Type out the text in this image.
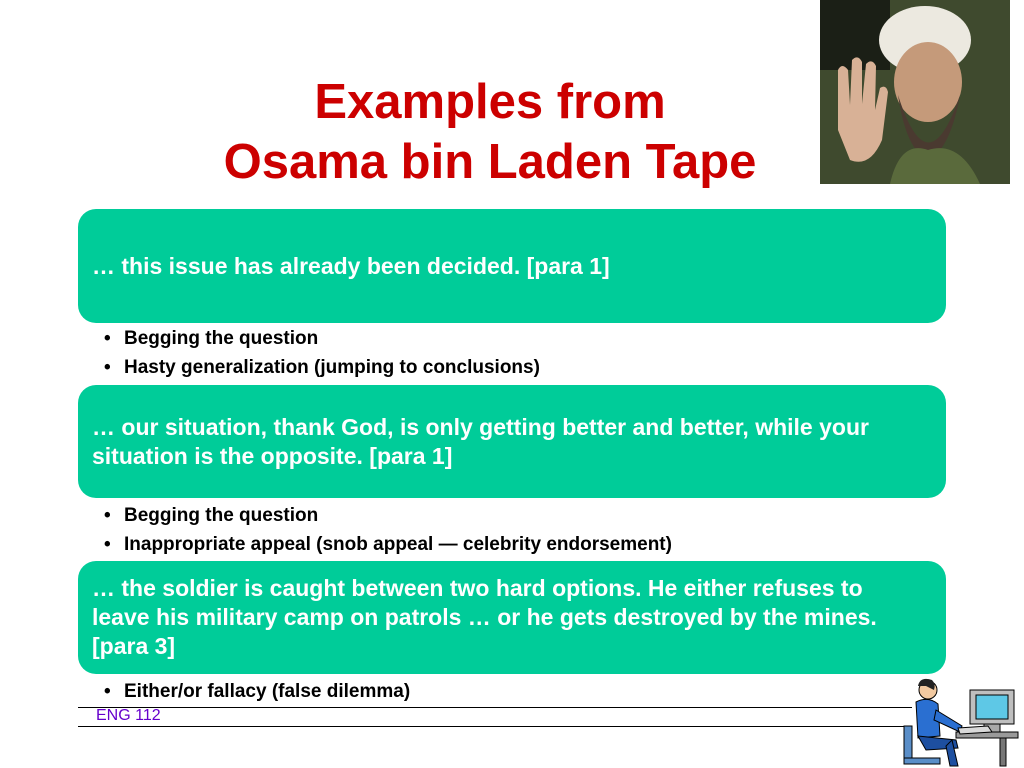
Examples from
Osama bin Laden Tape
… this issue has already been decided. [para 1]
• Begging the question
• Hasty generalization (jumping to conclusions)
… our situation, thank God, is only getting better and better, while your situation is the opposite. [para 1]
• Begging the question
• Inappropriate appeal (snob appeal — celebrity endorsement)
… the soldier is caught between two hard options. He either refuses to leave his military camp on patrols … or he gets destroyed by the mines. [para 3]
• Either/or fallacy (false dilemma)
ENG 112
